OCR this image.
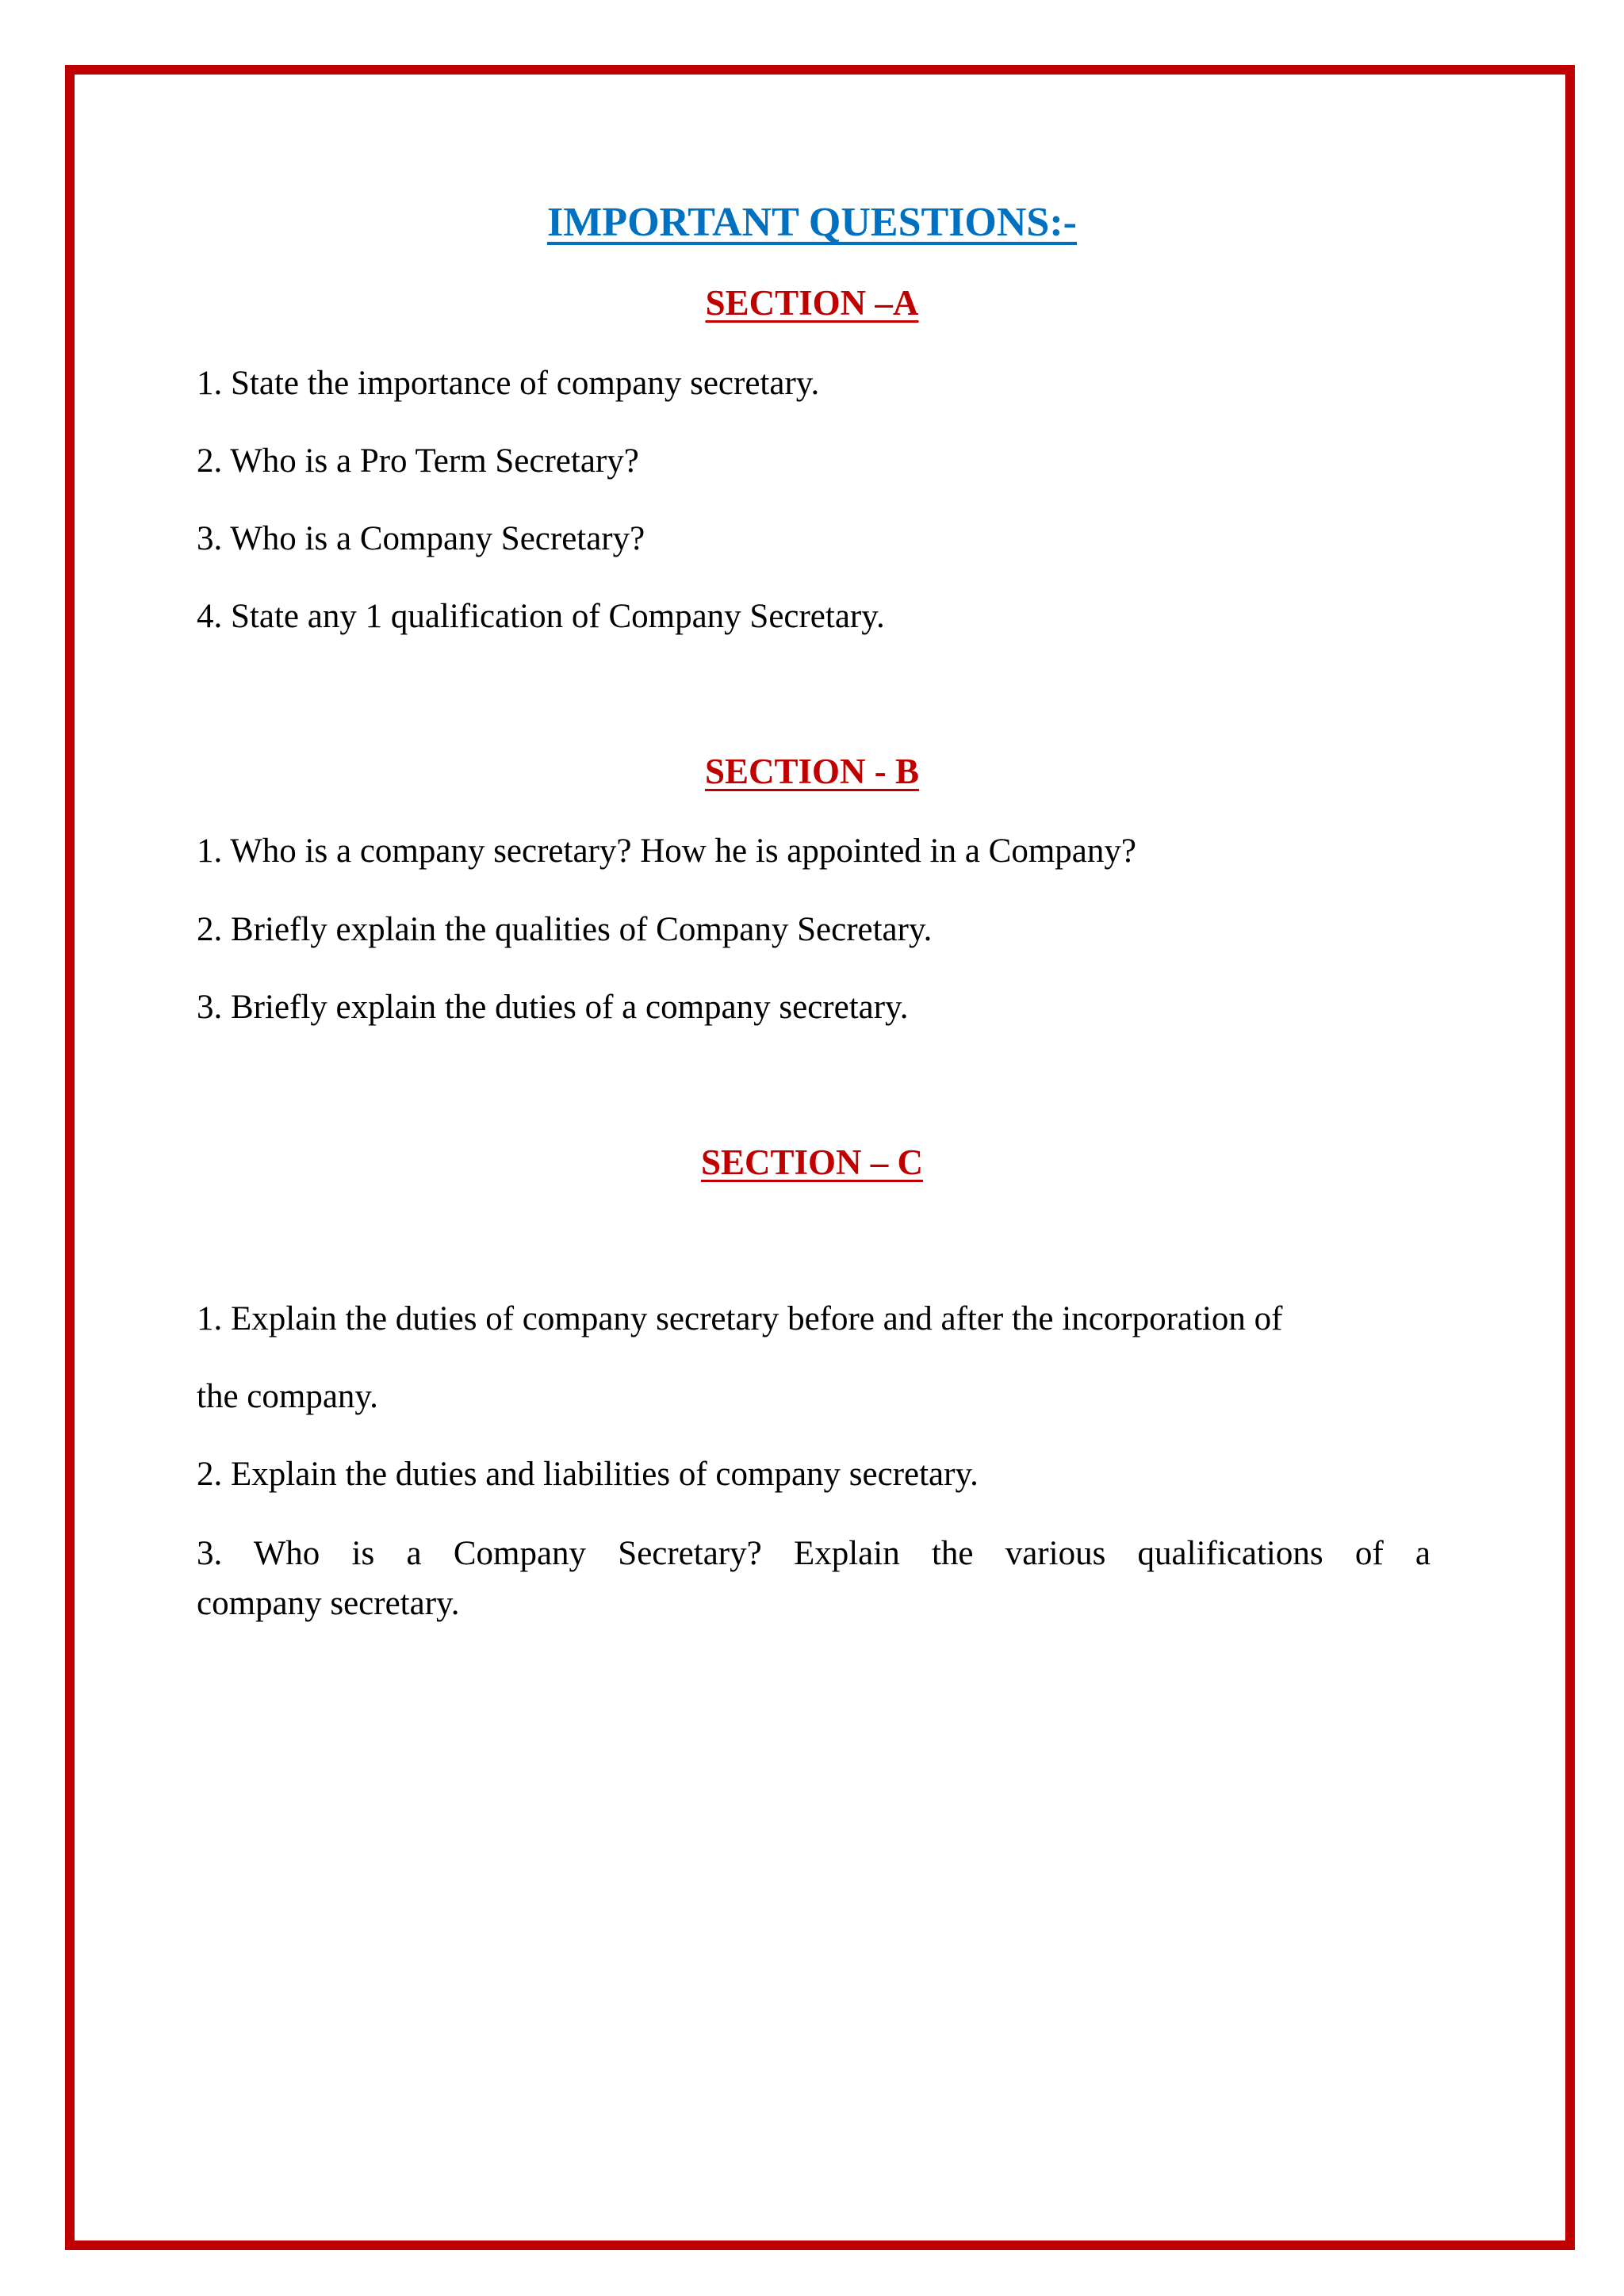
IMPORTANT QUESTIONS:-
SECTION –A
1. State the importance of company secretary.
2. Who is a Pro Term Secretary?
3. Who is a Company Secretary?
4. State any 1 qualification of Company Secretary.
SECTION - B
1. Who is a company secretary? How he is appointed in a Company?
2. Briefly explain the qualities of Company Secretary.
3. Briefly explain the duties of a company secretary.
SECTION – C
1. Explain the duties of company secretary before and after the incorporation of
the company.
2. Explain the duties and liabilities of company secretary.
3. Who is a Company Secretary? Explain the various qualifications of a
company secretary.
